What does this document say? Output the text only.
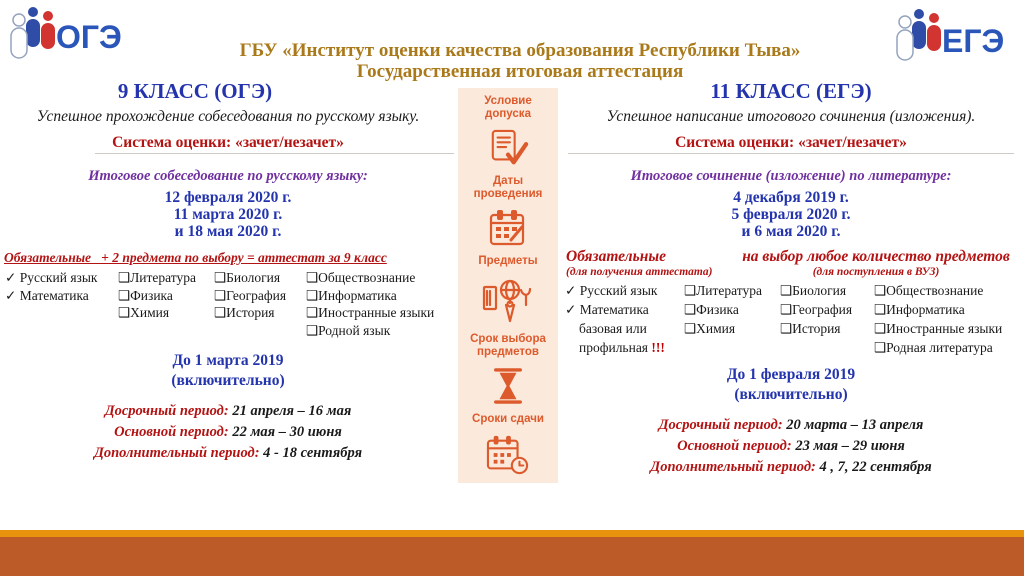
ОГЭ	ЕГЭ
ГБУ «Институт оценки качества образования Республики Тыва»
Государственная итоговая аттестация
9 КЛАСС (ОГЭ)
Успешное прохождение собеседования по русскому языку.
Система оценки: «зачет/незачет»
Итоговое собеседование по русскому языку:
12 февраля 2020 г.
11 марта 2020 г.
и 18 мая 2020 г.
Обязательные_ + 2 предмета по выбору = аттестат за 9 класс
✓ Русский язык
✓ Математика
❑Литература
❑Физика
❑Химия
❑Биология
❑География
❑История
❑Обществознание
❑Информатика
❑Иностранные языки
❑Родной язык
До 1 марта 2019
(включительно)
Досрочный период: 21 апреля – 16 мая
Основной период: 22 мая – 30 июня
Дополнительный период: 4 - 18 сентября
Условие допуска
Даты проведения
Предметы
Срок выбора предметов
Сроки сдачи
11 КЛАСС (ЕГЭ)
Успешное написание итогового сочинения (изложения).
Система оценки: «зачет/незачет»
Итоговое сочинение (изложение) по литературе:
4 декабря 2019 г.
5 февраля 2020 г.
и 6 мая 2020 г.
Обязательные
(для получения аттестата)
на выбор любое количество предметов
(для поступления в ВУЗ)
✓ Русский язык
✓ Математика базовая или профильная !!!
❑Литература
❑Физика
❑Химия
❑Биология
❑География
❑История
❑Обществознание
❑Информатика
❑Иностранные языки
❑Родная литература
До 1 февраля 2019
(включительно)
Досрочный период: 20 марта – 13 апреля
Основной период: 23 мая – 29 июня
Дополнительный период: 4 , 7, 22 сентября
